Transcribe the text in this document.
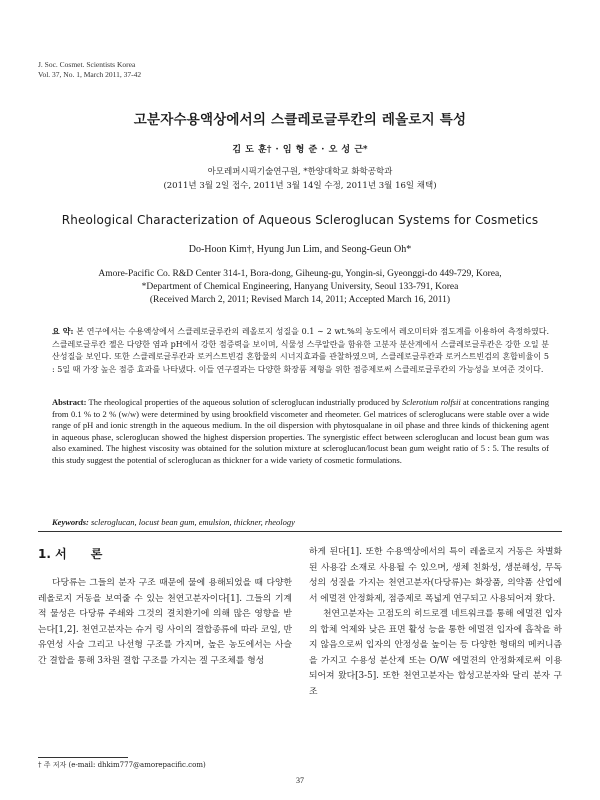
J. Soc. Cosmet. Scientists Korea
Vol. 37, No. 1, March 2011, 37-42
고분자수용액상에서의 스클레로글루칸의 레올로지 특성
김 도 훈† · 임 형 준 · 오 성 근*
아모레퍼시픽기술연구원, *한양대학교 화학공학과
(2011년 3월 2일 접수, 2011년 3월 14일 수정, 2011년 3월 16일 채택)
Rheological Characterization of Aqueous Scleroglucan Systems for Cosmetics
Do-Hoon Kim†, Hyung Jun Lim, and Seong-Geun Oh*
Amore-Pacific Co. R&D Center 314-1, Bora-dong, Giheung-gu, Yongin-si, Gyeonggi-do 449-729, Korea,
*Department of Chemical Engineering, Hanyang University, Seoul 133-791, Korea
(Received March 2, 2011; Revised March 14, 2011; Accepted March 16, 2011)
요 약: 본 연구에서는 수용액상에서 스클레로글루칸의 레올로지 성질을 0.1 ∼ 2 wt.%의 농도에서 레오미터와 점도계를 이용하여 측정하였다. 스클레로글루칸 젤은 다양한 염과 pH에서 강한 점증력을 보이며, 식물성 스쿠알란을 함유한 고분자 분산계에서 스클레로글루칸은 강한 오일 분산성질을 보인다. 또한 스클레로글루칸과 로커스트빈검 혼합물의 시너지효과를 관찰하였으며, 스클레로글루칸과 로커스트빈검의 혼합비율이 5 : 5일 때 가장 높은 점증 효과를 나타냈다. 이들 연구결과는 다양한 화장품 제형을 위한 점증제로써 스클레로글루칸의 가능성을 보여준 것이다.
Abstract: The rheological properties of the aqueous solution of scleroglucan industrially produced by Sclerotium rolfsii at concentrations ranging from 0.1 % to 2 % (w/w) were determined by using brookfield viscometer and rheometer. Gel matrices of scleroglucans were stable over a wide range of pH and ionic strength in the aqueous medium. In the oil dispersion with phytosqualane in oil phase and three kinds of thickening agent in aqueous phase, scleroglucan showed the highest dispersion properties. The synergistic effect between scleroglucan and locust bean gum was also examined. The highest viscosity was obtained for the solution mixture at scleroglucan/locust bean gum weight ratio of 5 : 5. The results of this study suggest the potential of scleroglucan as thickner for a wide variety of cosmetic formulations.
Keywords: scleroglucan, locust bean gum, emulsion, thickner, rheology
1. 서 론

다당류는 그들의 분자 구조 때문에 물에 용해되었을 때 다양한 레올로지 거동을 보여줄 수 있는 천연고분자이다[1]. 그들의 기계적 물성은 다당류 주쇄와 그것의 결치환기에 의해 많은 영향을 받는다[1,2]. 천연고분자는 슈거 링 사이의 결합종류에 따라 코일, 반유연성 사슬 그리고 나선형 구조를 가지며, 높은 농도에서는 사슬 간 결합을 통해 3차원 결합 구조를 가지는 겔 구조체를 형성

하게 된다[1]. 또한 수용액상에서의 특이 레올로지 거동은 차별화된 사용감 소재로 사용될 수 있으며, 생체 친화성, 생분해성, 무독성의 성질을 가지는 천연고분자(다당류)는 화장품, 의약품 산업에서 에멀젼 안정화제, 점증제로 폭넓게 연구되고 사용되어져 왔다.

천연고분자는 고점도의 히드로겔 네트워크를 통해 에멀젼 입자의 합체 억제와 낮은 표면 활성 능을 통한 에멀젼 입자에 흡착을 하지 않음으로써 입자의 안정성을 높이는 등 다양한 형태의 메커니즘을 가지고 수용성 분산제 또는 O/W 에멀젼의 안정화제로써 이용되어져 왔다[3-5]. 또한 천연고분자는 합성고분자와 달리 분자 구조

† 주 저자 (e-mail: dhkim777@amorepacific.com)
37
